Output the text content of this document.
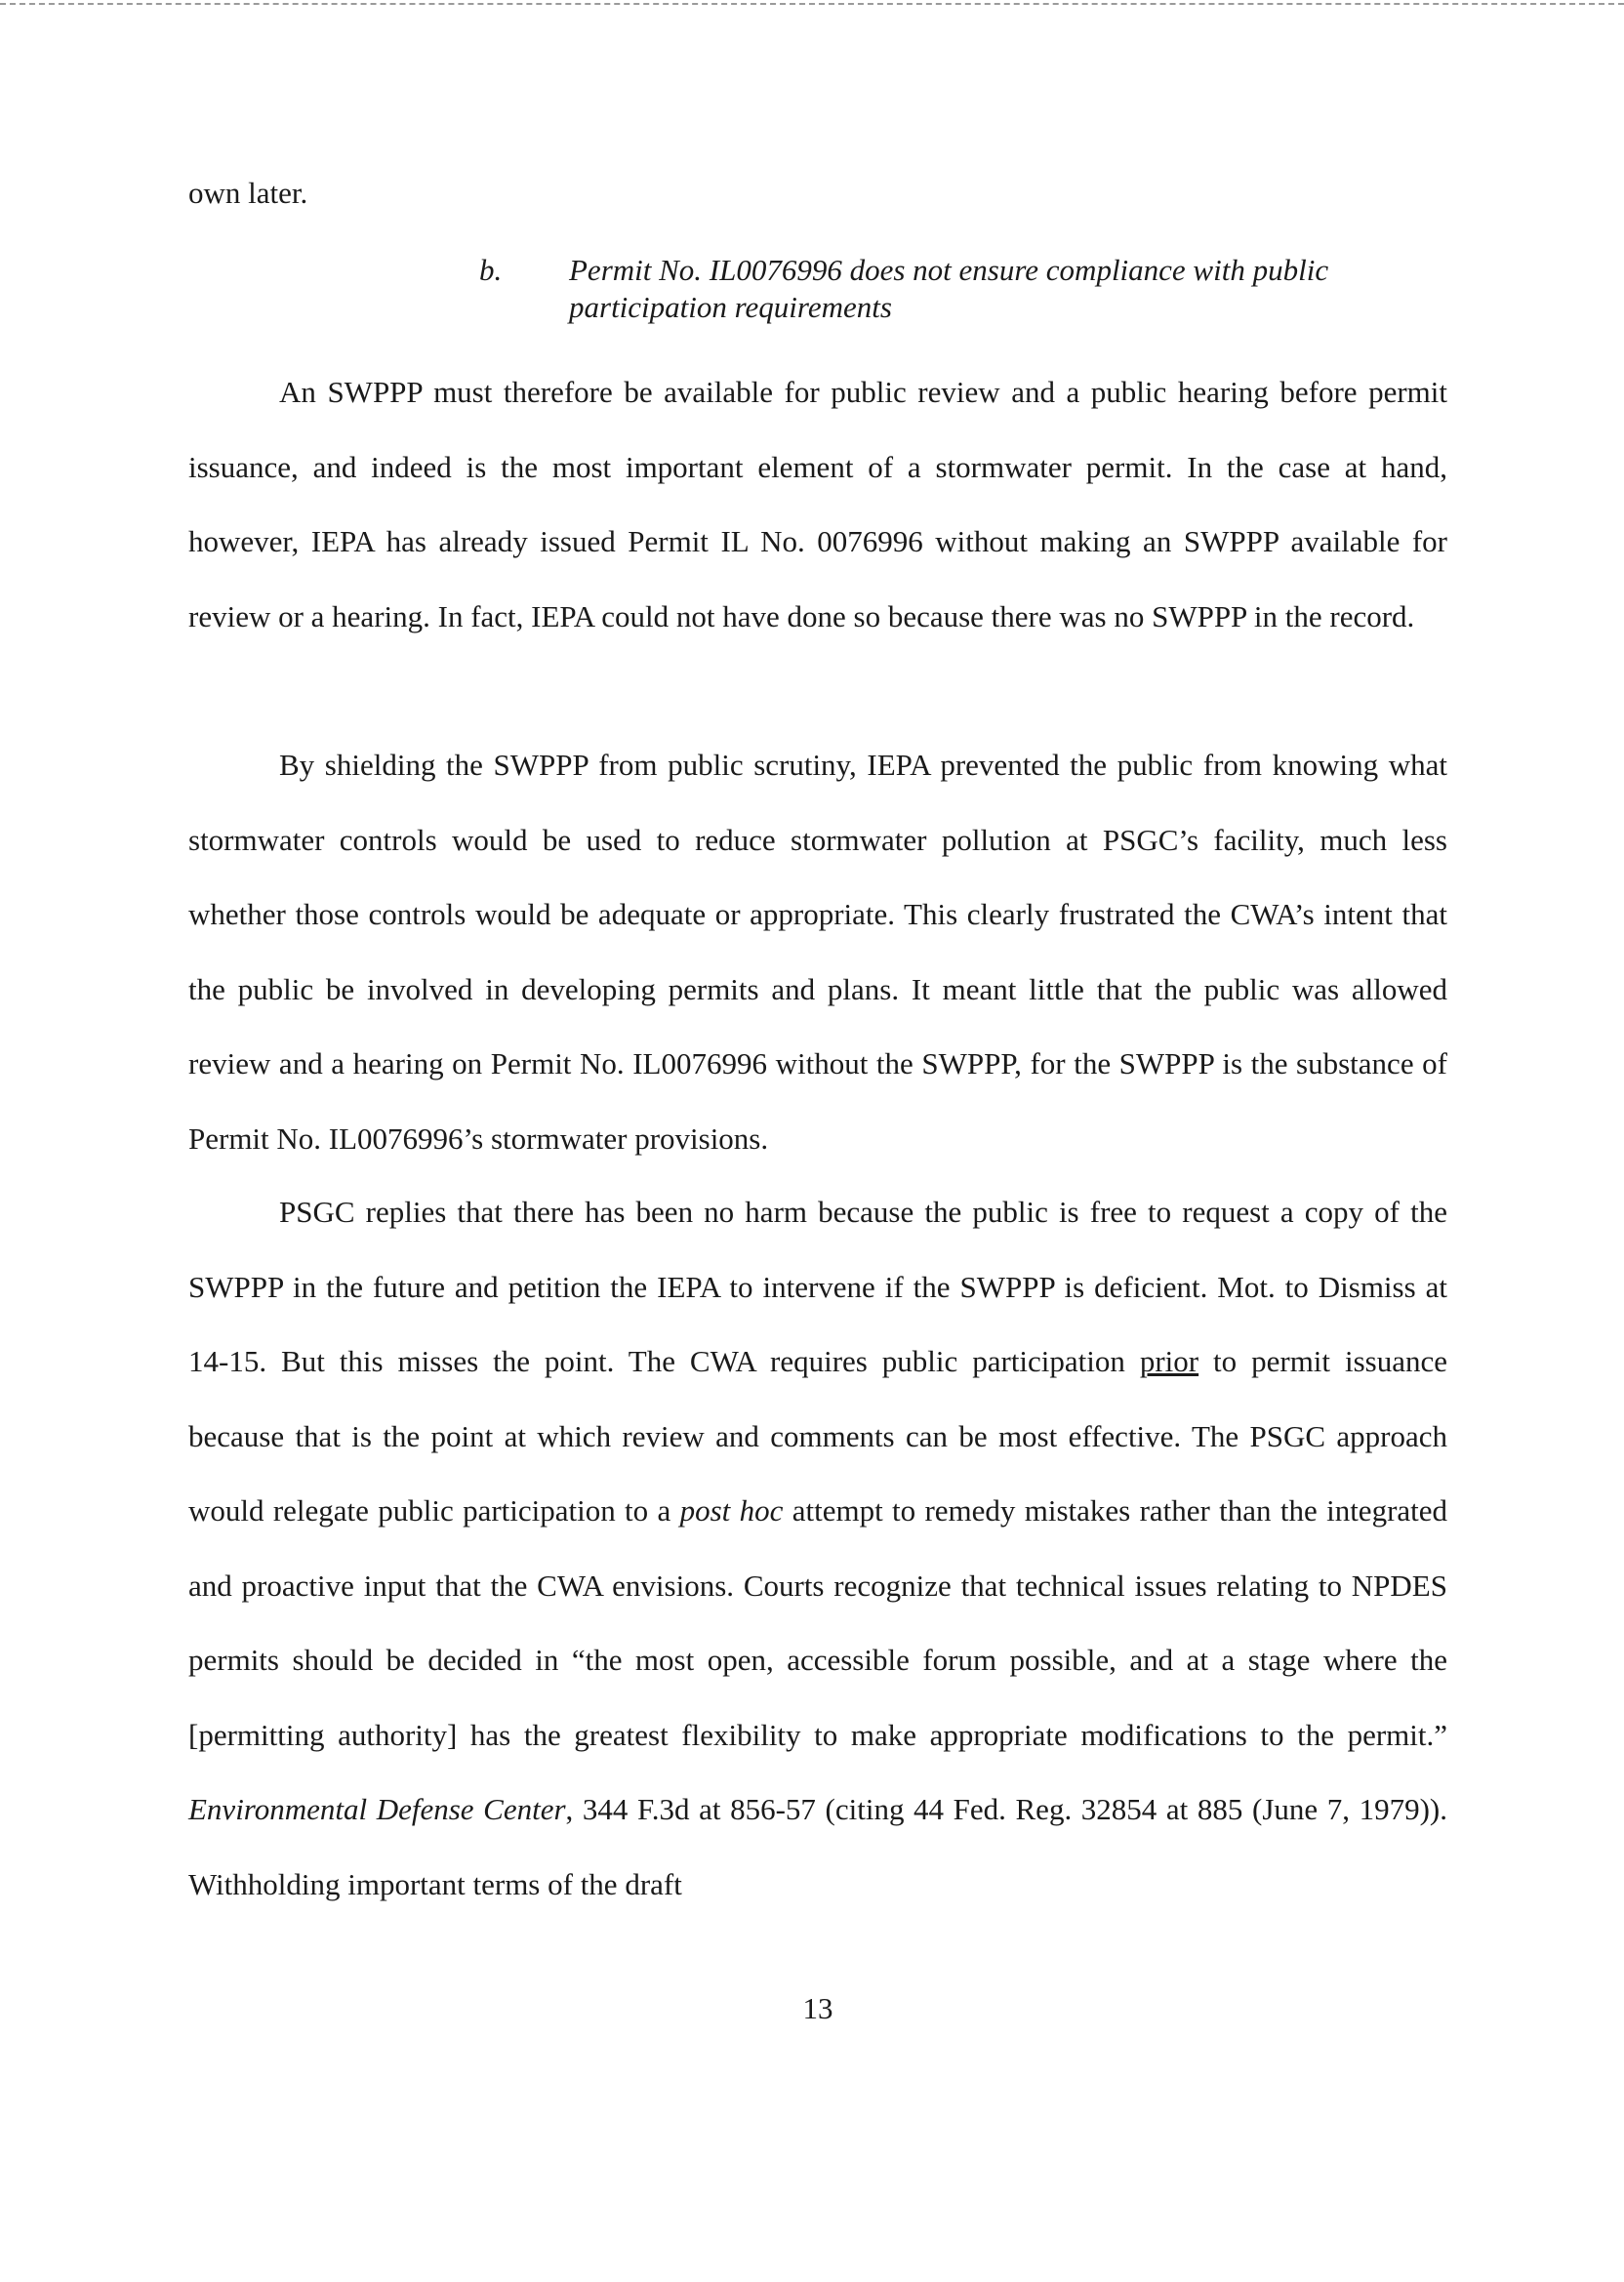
own later.

b. Permit No. IL0076996 does not ensure compliance with public
participation requirements

An SWPPP must therefore be available for public review and a public hearing before permit issuance, and indeed is the most important element of a stormwater permit. In the case at hand, however, IEPA has already issued Permit IL No. 0076996 without making an SWPPP available for review or a hearing. In fact, IEPA could not have done so because there was no SWPPP in the record.

By shielding the SWPPP from public scrutiny, IEPA prevented the public from knowing what stormwater controls would be used to reduce stormwater pollution at PSGC’s facility, much less whether those controls would be adequate or appropriate. This clearly frustrated the CWA’s intent that the public be involved in developing permits and plans. It meant little that the public was allowed review and a hearing on Permit No. IL0076996 without the SWPPP, for the SWPPP is the substance of Permit No. IL0076996’s stormwater provisions.

PSGC replies that there has been no harm because the public is free to request a copy of the SWPPP in the future and petition the IEPA to intervene if the SWPPP is deficient. Mot. to Dismiss at 14-15. But this misses the point. The CWA requires public participation prior to permit issuance because that is the point at which review and comments can be most effective. The PSGC approach would relegate public participation to a post hoc attempt to remedy mistakes rather than the integrated and proactive input that the CWA envisions. Courts recognize that technical issues relating to NPDES permits should be decided in “the most open, accessible forum possible, and at a stage where the [permitting authority] has the greatest flexibility to make appropriate modifications to the permit.” Environmental Defense Center, 344 F.3d at 856-57 (citing 44 Fed. Reg. 32854 at 885 (June 7, 1979)). Withholding important terms of the draft

13
